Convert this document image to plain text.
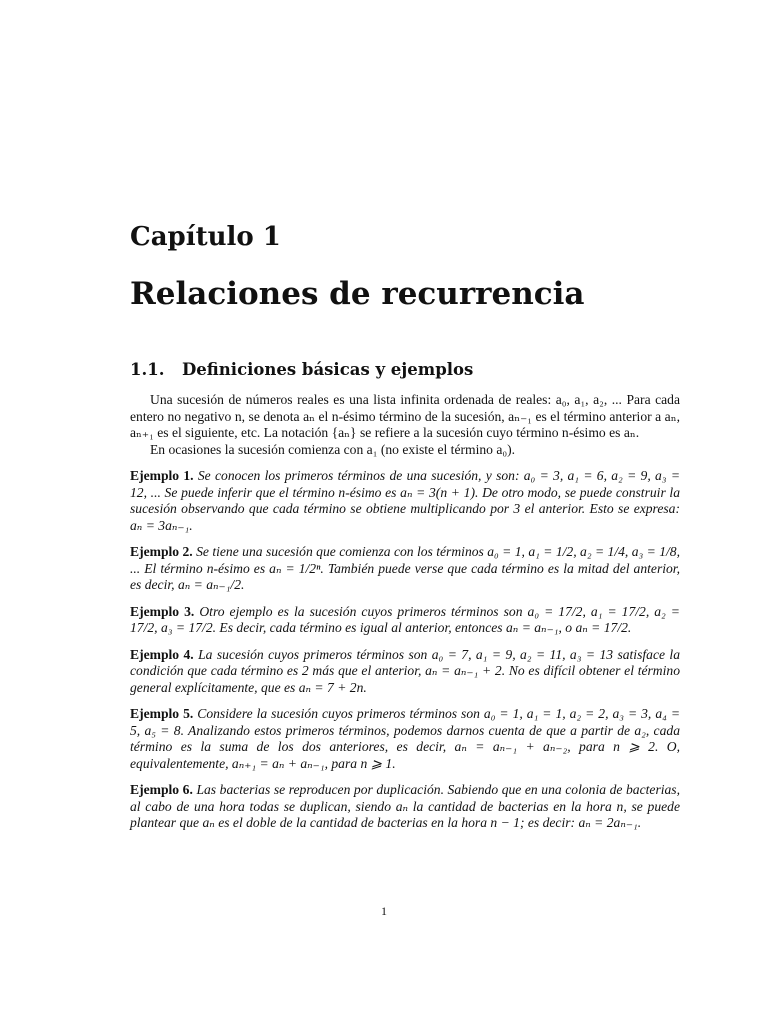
Capítulo 1
Relaciones de recurrencia
1.1. Definiciones básicas y ejemplos

Una sucesión de números reales es una lista infinita ordenada de reales: a₀, a₁, a₂, ... Para cada entero no negativo n, se denota aₙ el n-ésimo término de la sucesión, aₙ₋₁ es el término anterior a aₙ, aₙ₊₁ es el siguiente, etc. La notación {aₙ} se refiere a la sucesión cuyo término n-ésimo es aₙ.

En ocasiones la sucesión comienza con a₁ (no existe el término a₀).

Ejemplo 1. Se conocen los primeros términos de una sucesión, y son: a₀ = 3, a₁ = 6, a₂ = 9, a₃ = 12, ... Se puede inferir que el término n-ésimo es aₙ = 3(n + 1). De otro modo, se puede construir la sucesión observando que cada término se obtiene multiplicando por 3 el anterior. Esto se expresa: aₙ = 3aₙ₋₁.

Ejemplo 2. Se tiene una sucesión que comienza con los términos a₀ = 1, a₁ = 1/2, a₂ = 1/4, a₃ = 1/8, ... El término n-ésimo es aₙ = 1/2ⁿ. También puede verse que cada término es la mitad del anterior, es decir, aₙ = aₙ₋₁/2.

Ejemplo 3. Otro ejemplo es la sucesión cuyos primeros términos son a₀ = 17/2, a₁ = 17/2, a₂ = 17/2, a₃ = 17/2. Es decir, cada término es igual al anterior, entonces aₙ = aₙ₋₁, o aₙ = 17/2.

Ejemplo 4. La sucesión cuyos primeros términos son a₀ = 7, a₁ = 9, a₂ = 11, a₃ = 13 satisface la condición que cada término es 2 más que el anterior, aₙ = aₙ₋₁ + 2. No es difícil obtener el término general explícitamente, que es aₙ = 7 + 2n.

Ejemplo 5. Considere la sucesión cuyos primeros términos son a₀ = 1, a₁ = 1, a₂ = 2, a₃ = 3, a₄ = 5, a₅ = 8. Analizando estos primeros términos, podemos darnos cuenta de que a partir de a₂, cada término es la suma de los dos anteriores, es decir, aₙ = aₙ₋₁ + aₙ₋₂, para n ⩾ 2. O, equivalentemente, aₙ₊₁ = aₙ + aₙ₋₁, para n ⩾ 1.

Ejemplo 6. Las bacterias se reproducen por duplicación. Sabiendo que en una colonia de bacterias, al cabo de una hora todas se duplican, siendo aₙ la cantidad de bacterias en la hora n, se puede plantear que aₙ es el doble de la cantidad de bacterias en la hora n − 1; es decir: aₙ = 2aₙ₋₁.

1
